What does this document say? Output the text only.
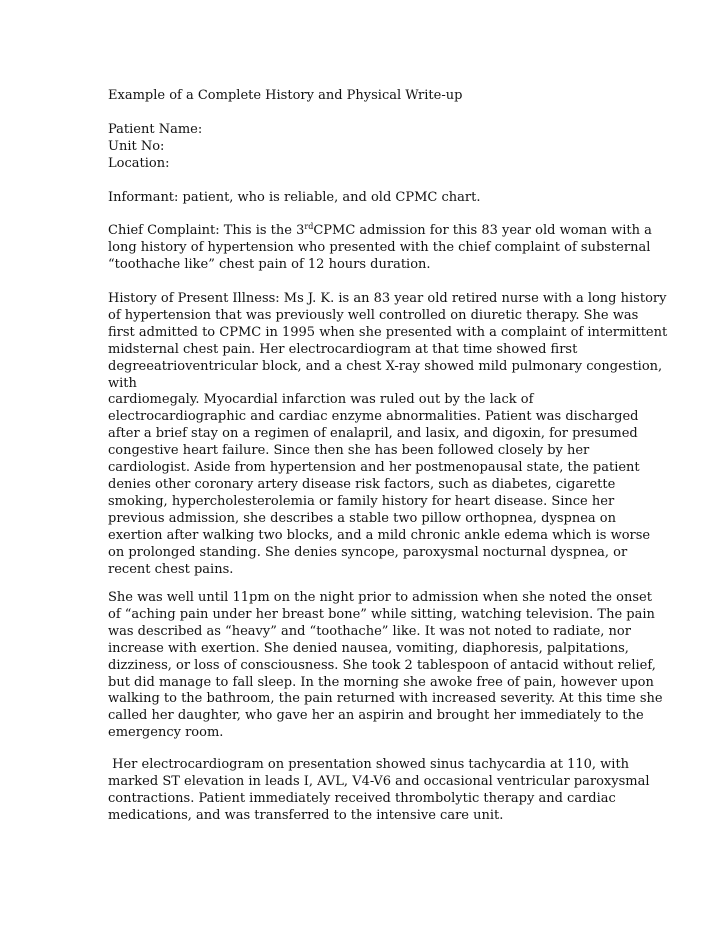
Example of a Complete History and Physical Write-up
Patient Name:
Unit No:
Location:
Informant: patient, who is reliable, and old CPMC chart.
Chief Complaint: This is the 3rdCPMC admission for this 83 year old woman with a
long history of hypertension who presented with the chief complaint of substernal
“toothache like” chest pain of 12 hours duration.
History of Present Illness: Ms J. K. is an 83 year old retired nurse with a long history
of hypertension that was previously well controlled on diuretic therapy. She was
first admitted to CPMC in 1995 when she presented with a complaint of intermittent
midsternal chest pain. Her electrocardiogram at that time showed first
degreeatrioventricular block, and a chest X-ray showed mild pulmonary congestion,
with
cardiomegaly. Myocardial infarction was ruled out by the lack of
electrocardiographic and cardiac enzyme abnormalities. Patient was discharged
after a brief stay on a regimen of enalapril, and lasix, and digoxin, for presumed
congestive heart failure. Since then she has been followed closely by her
cardiologist. Aside from hypertension and her postmenopausal state, the patient
denies other coronary artery disease risk factors, such as diabetes, cigarette
smoking, hypercholesterolemia or family history for heart disease. Since her
previous admission, she describes a stable two pillow orthopnea, dyspnea on
exertion after walking two blocks, and a mild chronic ankle edema which is worse
on prolonged standing. She denies syncope, paroxysmal nocturnal dyspnea, or
recent chest pains.
She was well until 11pm on the night prior to admission when she noted the onset
of “aching pain under her breast bone” while sitting, watching television. The pain
was described as “heavy” and “toothache” like. It was not noted to radiate, nor
increase with exertion. She denied nausea, vomiting, diaphoresis, palpitations,
dizziness, or loss of consciousness. She took 2 tablespoon of antacid without relief,
but did manage to fall sleep. In the morning she awoke free of pain, however upon
walking to the bathroom, the pain returned with increased severity. At this time she
called her daughter, who gave her an aspirin and brought her immediately to the
emergency room.
Her electrocardiogram on presentation showed sinus tachycardia at 110, with
marked ST elevation in leads I, AVL, V4-V6 and occasional ventricular paroxysmal
contractions. Patient immediately received thrombolytic therapy and cardiac
medications, and was transferred to the intensive care unit.
